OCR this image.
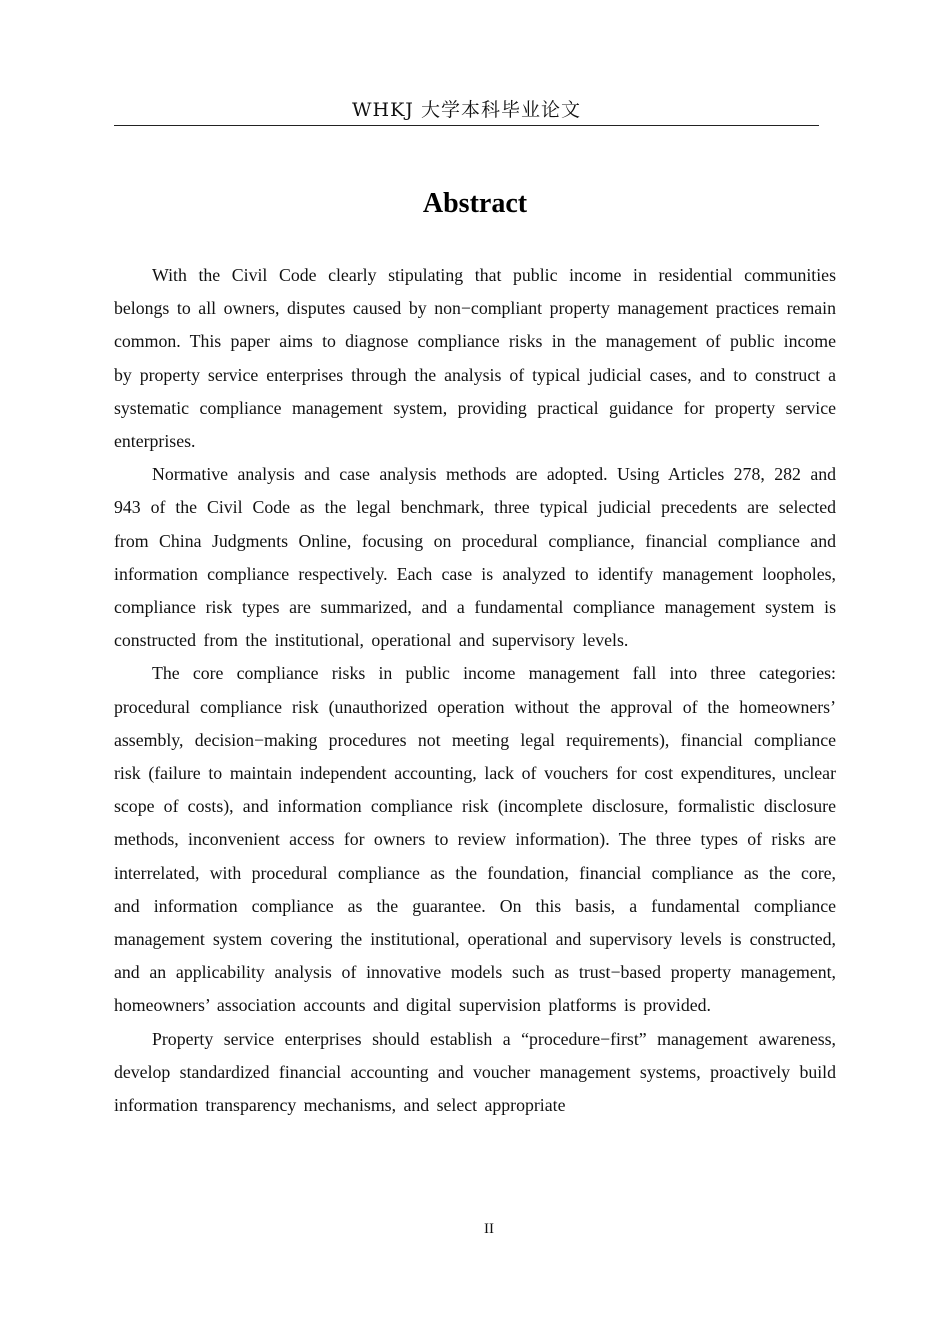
WHKJ 大学本科毕业论文
Abstract

With the Civil Code clearly stipulating that public income in residential communities belongs to all owners, disputes caused by non−compliant property management practices remain common. This paper aims to diagnose compliance risks in the management of public income by property service enterprises through the analysis of typical judicial cases, and to construct a systematic compliance management system, providing practical guidance for property service enterprises.

Normative analysis and case analysis methods are adopted. Using Articles 278, 282 and 943 of the Civil Code as the legal benchmark, three typical judicial precedents are selected from China Judgments Online, focusing on procedural compliance, financial compliance and information compliance respectively. Each case is analyzed to identify management loopholes, compliance risk types are summarized, and a fundamental compliance management system is constructed from the institutional, operational and supervisory levels.

The core compliance risks in public income management fall into three categories: procedural compliance risk (unauthorized operation without the approval of the homeowners’ assembly, decision−making procedures not meeting legal requirements), financial compliance risk (failure to maintain independent accounting, lack of vouchers for cost expenditures, unclear scope of costs), and information compliance risk (incomplete disclosure, formalistic disclosure methods, inconvenient access for owners to review information). The three types of risks are interrelated, with procedural compliance as the foundation, financial compliance as the core, and information compliance as the guarantee. On this basis, a fundamental compliance management system covering the institutional, operational and supervisory levels is constructed, and an applicability analysis of innovative models such as trust−based property management, homeowners’ association accounts and digital supervision platforms is provided.

Property service enterprises should establish a “procedure−first” management awareness, develop standardized financial accounting and voucher management systems, proactively build information transparency mechanisms, and select appropriate

II
